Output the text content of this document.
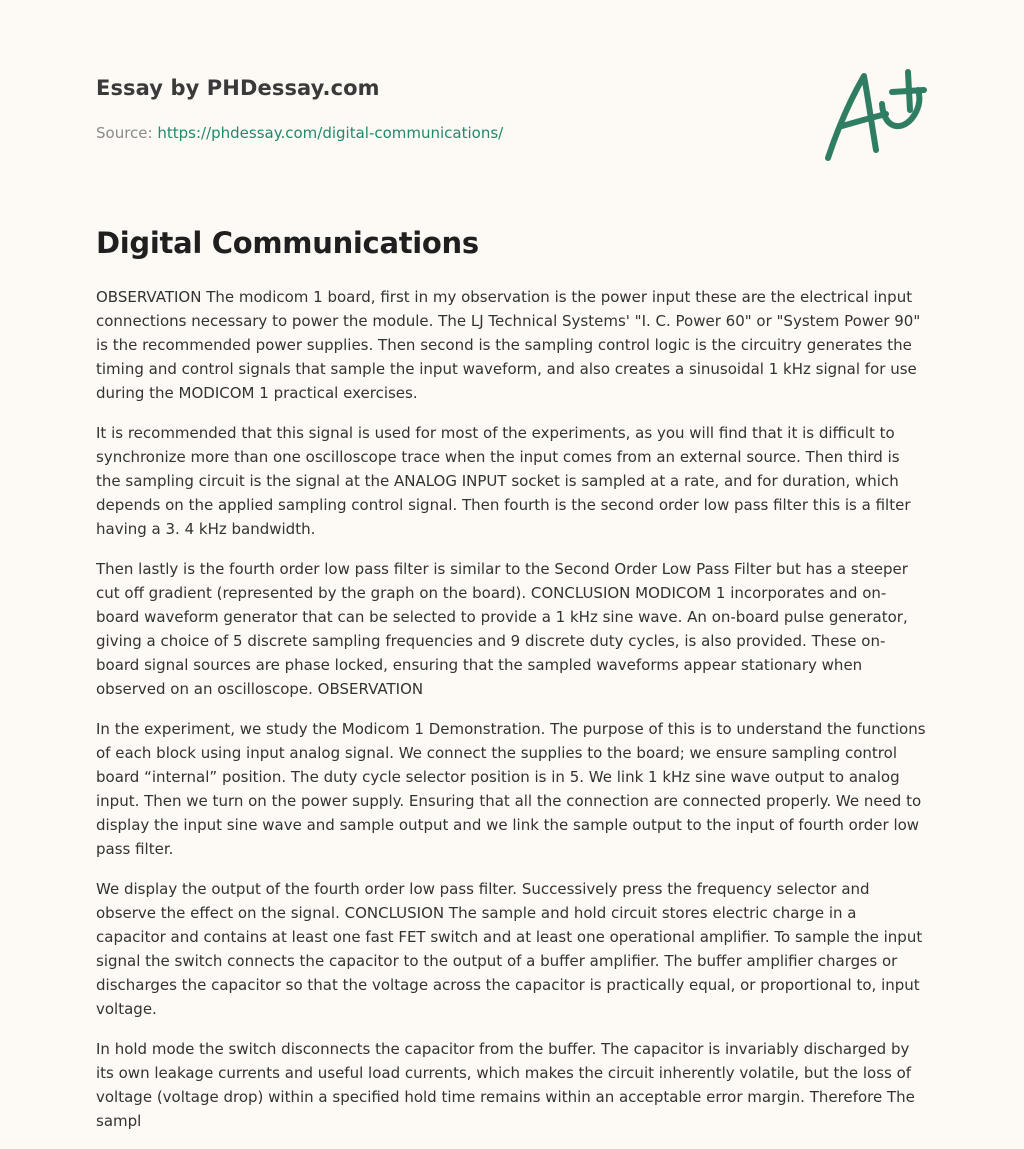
Essay by PHDessay.com
Source: https://phdessay.com/digital-communications/
Digital Communications

OBSERVATION The modicom 1 board, first in my observation is the power input these are the electrical input connections necessary to power the module. The LJ Technical Systems' "I. C. Power 60" or "System Power 90" is the recommended power supplies. Then second is the sampling control logic is the circuitry generates the timing and control signals that sample the input waveform, and also creates a sinusoidal 1 kHz signal for use during the MODICOM 1 practical exercises.

It is recommended that this signal is used for most of the experiments, as you will find that it is difficult to synchronize more than one oscilloscope trace when the input comes from an external source. Then third is the sampling circuit is the signal at the ANALOG INPUT socket is sampled at a rate, and for duration, which depends on the applied sampling control signal. Then fourth is the second order low pass filter this is a filter having a 3. 4 kHz bandwidth.

Then lastly is the fourth order low pass filter is similar to the Second Order Low Pass Filter but has a steeper cut off gradient (represented by the graph on the board). CONCLUSION MODICOM 1 incorporates and on-board waveform generator that can be selected to provide a 1 kHz sine wave. An on-board pulse generator, giving a choice of 5 discrete sampling frequencies and 9 discrete duty cycles, is also provided. These on-board signal sources are phase locked, ensuring that the sampled waveforms appear stationary when observed on an oscilloscope. OBSERVATION

In the experiment, we study the Modicom 1 Demonstration. The purpose of this is to understand the functions of each block using input analog signal. We connect the supplies to the board; we ensure sampling control board “internal” position. The duty cycle selector position is in 5. We link 1 kHz sine wave output to analog input. Then we turn on the power supply. Ensuring that all the connection are connected properly. We need to display the input sine wave and sample output and we link the sample output to the input of fourth order low pass filter.

We display the output of the fourth order low pass filter. Successively press the frequency selector and observe the effect on the signal. CONCLUSION The sample and hold circuit stores electric charge in a capacitor and contains at least one fast FET switch and at least one operational amplifier. To sample the input signal the switch connects the capacitor to the output of a buffer amplifier. The buffer amplifier charges or discharges the capacitor so that the voltage across the capacitor is practically equal, or proportional to, input voltage.

In hold mode the switch disconnects the capacitor from the buffer. The capacitor is invariably discharged by its own leakage currents and useful load currents, which makes the circuit inherently volatile, but the loss of voltage (voltage drop) within a specified hold time remains within an acceptable error margin. Therefore The sampl
